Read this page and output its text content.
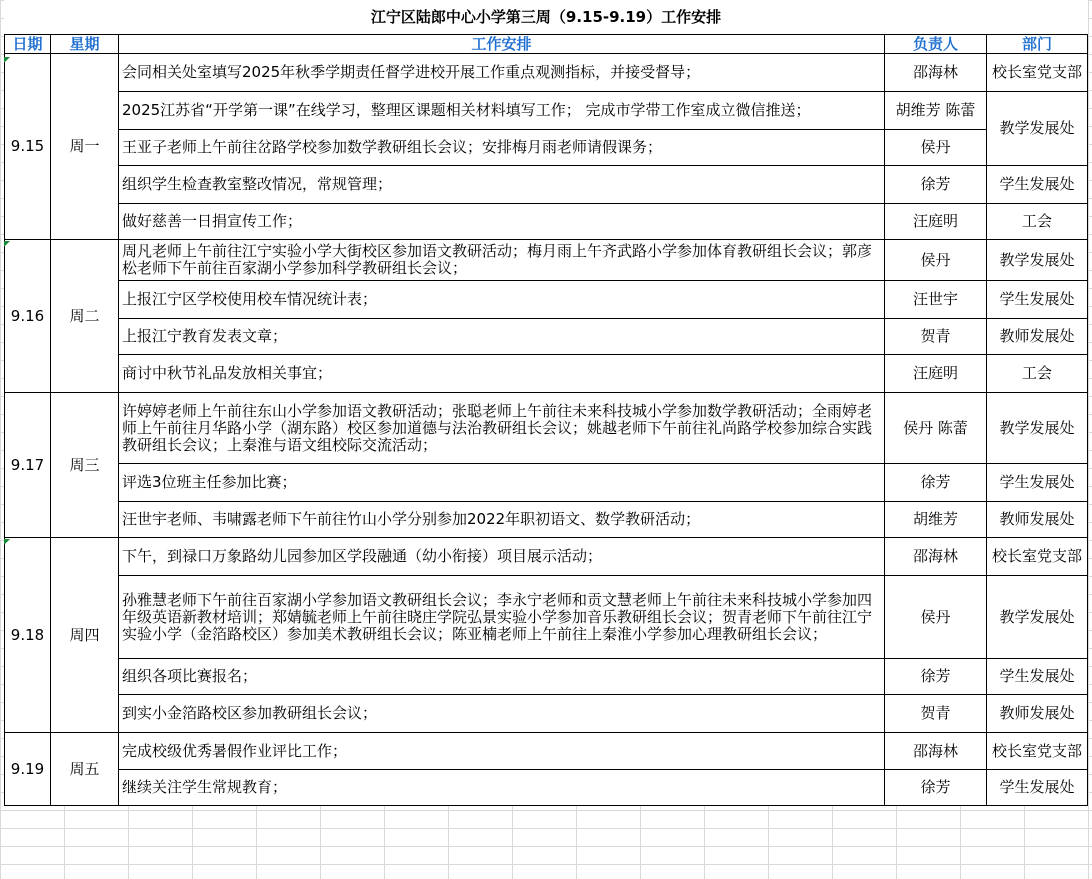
江宁区陆郎中心小学第三周（9.15-9.19）工作安排				
日期	星期	工作安排	负责人	部门
9.15	周一	会同相关处室填写2025年秋季学期责任督学进校开展工作重点观测指标，并接受督导；	邵海林	校长室党支部
		2025江苏省“开学第一课”在线学习，整理区课题相关材料填写工作； 完成市学带工作室成立微信推送；	胡维芳 陈蕾	教学发展处
		王亚子老师上午前往岔路学校参加数学教研组长会议；安排梅月雨老师请假课务；	侯丹	
		组织学生检查教室整改情况，常规管理；	徐芳	学生发展处
		做好慈善一日捐宣传工作；	汪庭明	工会
9.16	周二	周凡老师上午前往江宁实验小学大街校区参加语文教研活动；梅月雨上午齐武路小学参加体育教研组长会议；郭彦松老师下午前往百家湖小学参加科学教研组长会议；	侯丹	教学发展处
		上报江宁区学校使用校车情况统计表；	汪世宇	学生发展处
		上报江宁教育发表文章；	贺青	教师发展处
		商讨中秋节礼品发放相关事宜；	汪庭明	工会
9.17	周三	许婷婷老师上午前往东山小学参加语文教研活动；张聪老师上午前往未来科技城小学参加数学教研活动；全雨婷老师上午前往月华路小学（湖东路）校区参加道德与法治教研组长会议；姚越老师下午前往礼尚路学校参加综合实践教研组长会议；上秦淮与语文组校际交流活动；	侯丹 陈蕾	教学发展处
		评选3位班主任参加比赛；	徐芳	学生发展处
		汪世宇老师、韦啸露老师下午前往竹山小学分别参加2022年职初语文、数学教研活动；	胡维芳	教师发展处
9.18	周四	下午，到禄口万象路幼儿园参加区学段融通（幼小衔接）项目展示活动；	邵海林	校长室党支部
		孙雅慧老师下午前往百家湖小学参加语文教研组长会议；李永宁老师和贡文慧老师上午前往未来科技城小学参加四年级英语新教材培训；郑婧毓老师上午前往晓庄学院弘景实验小学参加音乐教研组长会议；贺青老师下午前往江宁实验小学（金箔路校区）参加美术教研组长会议；陈亚楠老师上午前往上秦淮小学参加心理教研组长会议；	侯丹	教学发展处
		组织各项比赛报名；	徐芳	学生发展处
		到实小金箔路校区参加教研组长会议；	贺青	教师发展处
9.19	周五	完成校级优秀暑假作业评比工作；	邵海林	校长室党支部
		继续关注学生常规教育；	徐芳	学生发展处
